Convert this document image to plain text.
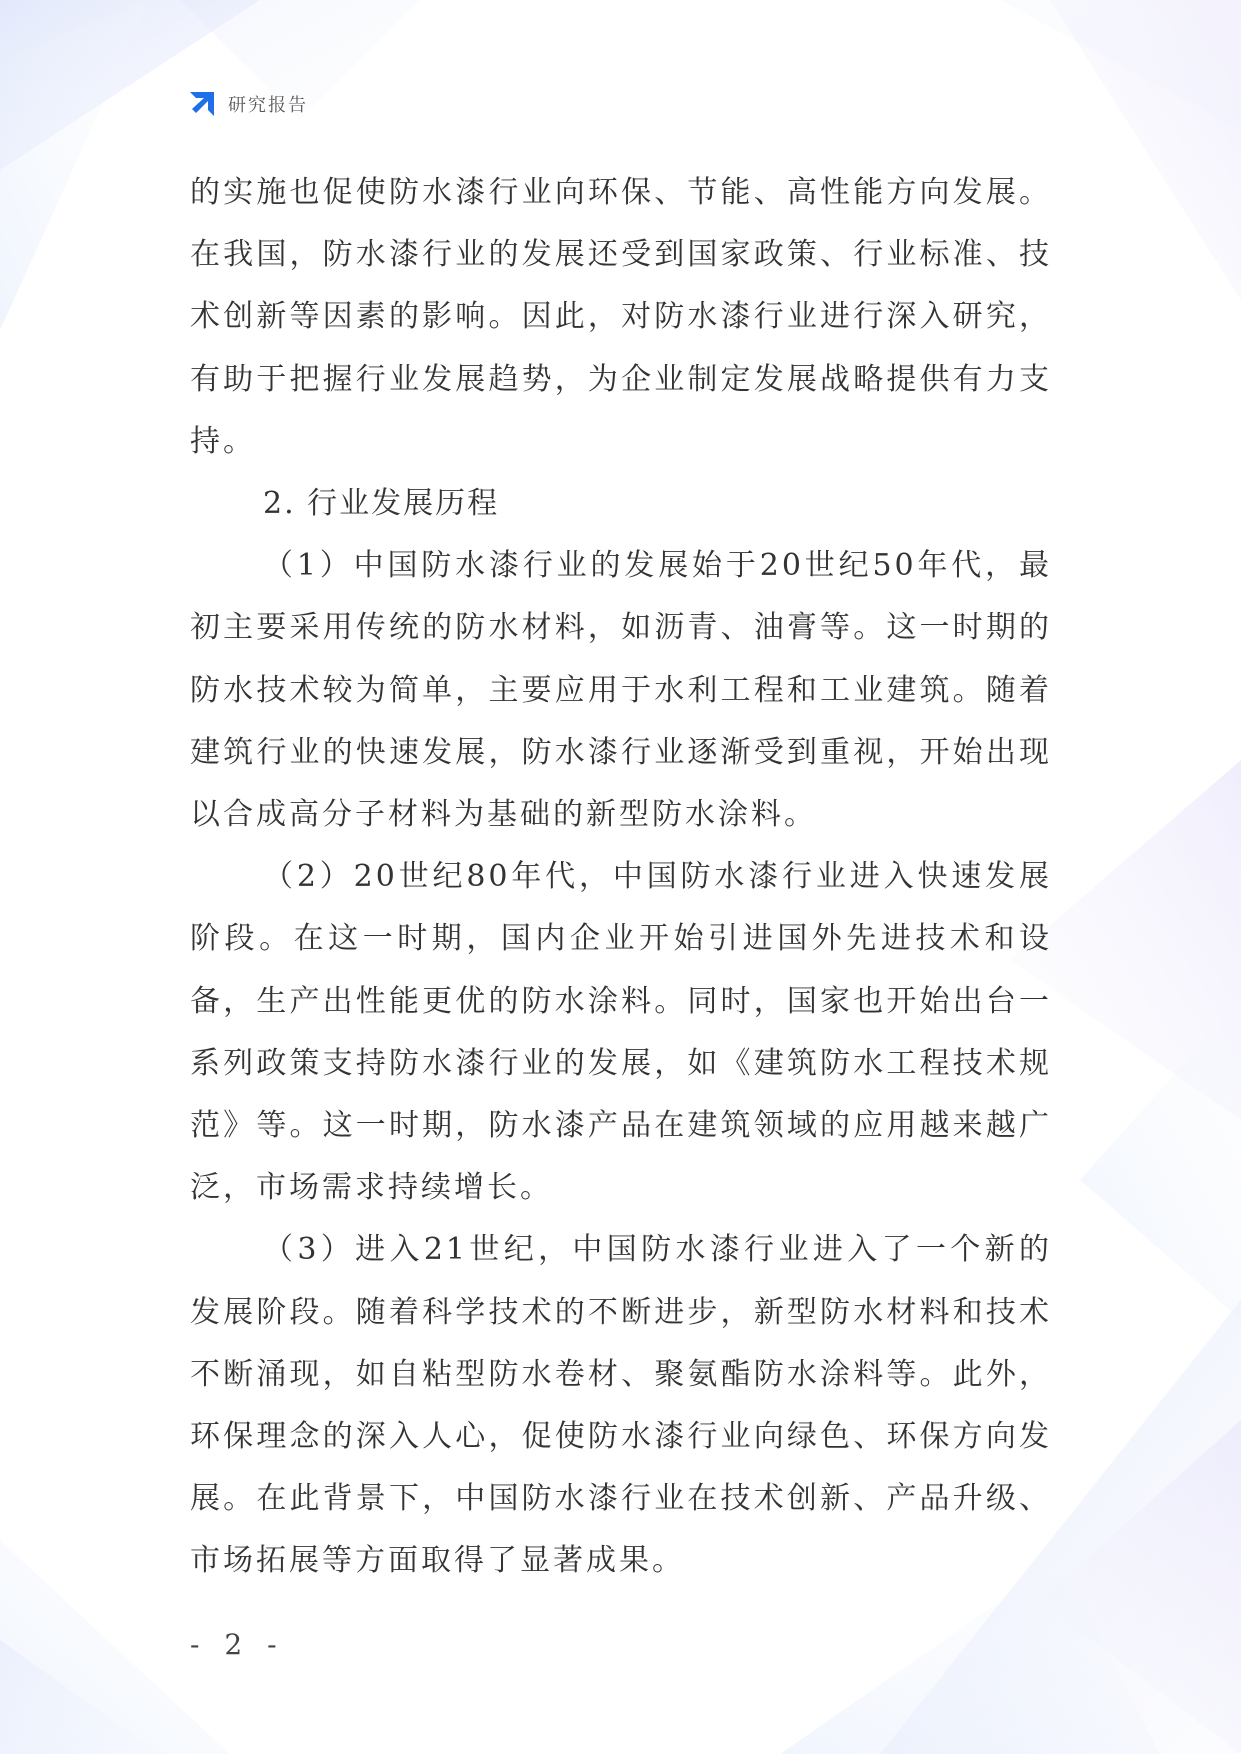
研究报告

的实施也促使防水漆行业向环保、节能、高性能方向发展。在我国，防水漆行业的发展还受到国家政策、行业标准、技术创新等因素的影响。因此，对防水漆行业进行深入研究，有助于把握行业发展趋势，为企业制定发展战略提供有力支持。

2. 行业发展历程

（1）中国防水漆行业的发展始于20世纪50年代，最初主要采用传统的防水材料，如沥青、油膏等。这一时期的防水技术较为简单，主要应用于水利工程和工业建筑。随着建筑行业的快速发展，防水漆行业逐渐受到重视，开始出现以合成高分子材料为基础的新型防水涂料。

（2）20世纪80年代，中国防水漆行业进入快速发展阶段。在这一时期，国内企业开始引进国外先进技术和设备，生产出性能更优的防水涂料。同时，国家也开始出台一系列政策支持防水漆行业的发展，如《建筑防水工程技术规范》等。这一时期，防水漆产品在建筑领域的应用越来越广泛，市场需求持续增长。

（3）进入21世纪，中国防水漆行业进入了一个新的发展阶段。随着科学技术的不断进步，新型防水材料和技术不断涌现，如自粘型防水卷材、聚氨酯防水涂料等。此外，环保理念的深入人心，促使防水漆行业向绿色、环保方向发展。在此背景下，中国防水漆行业在技术创新、产品升级、市场拓展等方面取得了显著成果。

- 2 -
